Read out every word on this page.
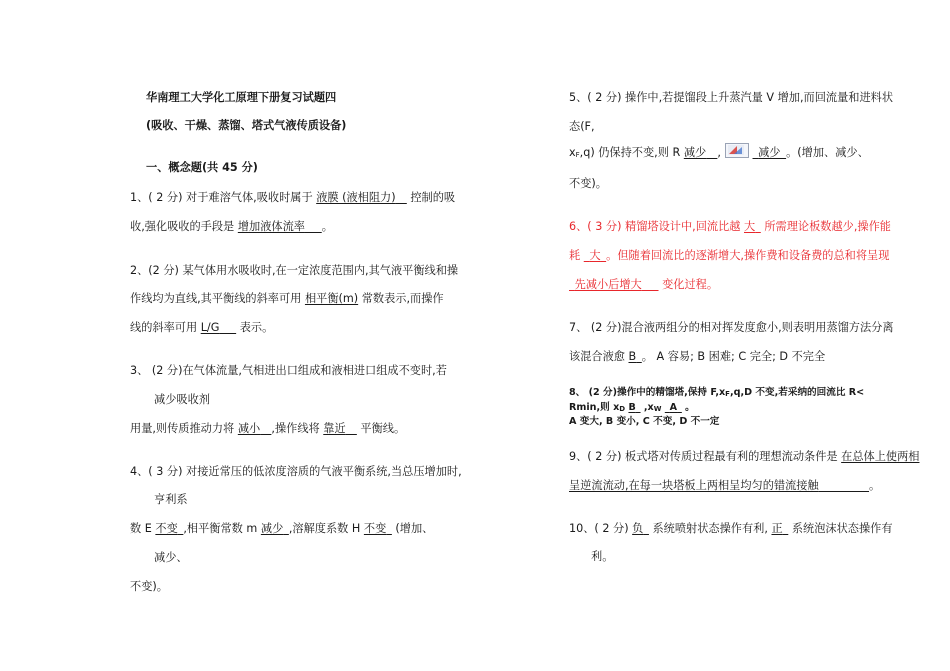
华南理工大学化工原理下册复习试题四
(吸收、干燥、蒸馏、塔式气液传质设备)
一、概念题(共 45 分)
1、( 2 分) 对于难溶气体,吸收时属于 液膜 (液相阻力)  控制的吸
收,强化吸收的手段是 增加液体流率   。
2、(2 分) 某气体用水吸收时,在一定浓度范围内,其气液平衡线和操
作线均为直线,其平衡线的斜率可用 相平衡(m) 常数表示,而操作
线的斜率可用 L/G   表示。
3、 (2 分)在气体流量,气相进出口组成和液相进口组成不变时,若
减少吸收剂
用量,则传质推动力将 减小  ,操作线将 靠近  平衡线。
4、( 3 分) 对接近常压的低浓度溶质的气液平衡系统,当总压增加时,
亨利系
数 E 不变  ,相平衡常数 m 减少  ,溶解度系数 H 不变  (增加、
减少、
不变)。
5、( 2 分) 操作中,若提馏段上升蒸汽量 V 增加,而回流量和进料状
态(F,
$x_F,q$) 仍保持不变,则 R 减少  ,
 	减少  。(增加、减少、
不变)。
6、( 3 分) 精馏塔设计中,回流比越 大  所需理论板数越少,操作能
耗  大  。但随着回流比的逐渐增大,操作费和设备费的总和将呈现
 先减小后增大   变化过程。
7、 (2 分)混合液两组分的相对挥发度愈小,则表明用蒸馏方法分离
该混合液愈 B  。 A 容易; B 困难; C 完全; D 不完全
8、 (2 分)操作中的精馏塔,保持 $F,x_F,q,D$ 不变,若采纳的回流比 R<
Rmin,则 $x_D$ B  $,x_W$   A  。
A 变大, B 变小, C 不变, D 不一定
9、( 2 分) 板式塔对传质过程最有利的理想流动条件是 在总体上使两相
呈逆流流动,在每一块塔板上两相呈均匀的错流接触     	。
10、( 2 分) 负  系统喷射状态操作有利, 正  系统泡沫状态操作有
利。
